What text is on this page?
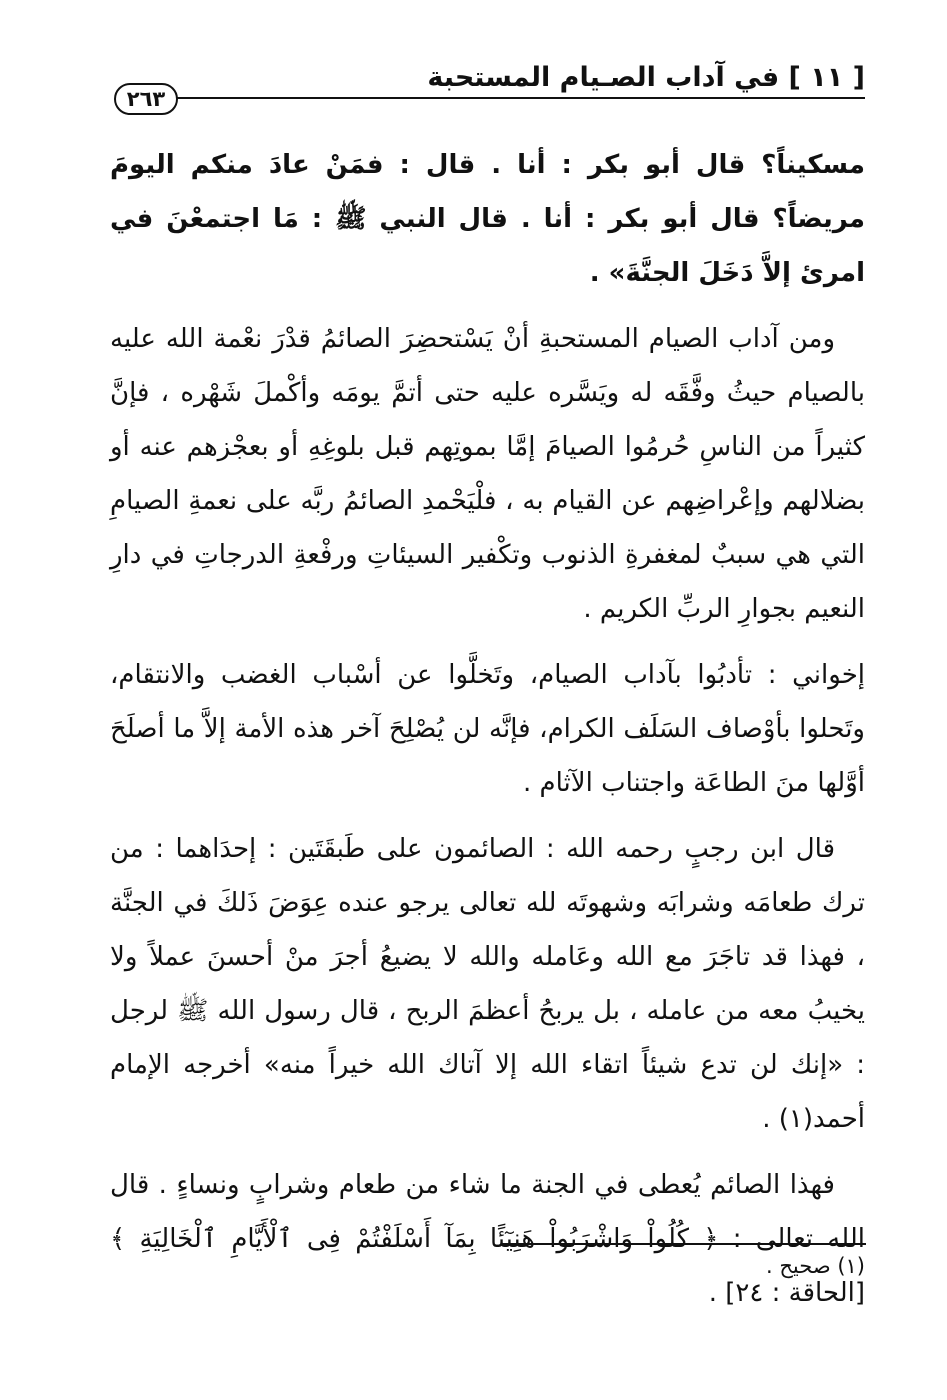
[ ١١ ] في آداب الصـيام المستحبة
٢٦٣

مسكيناً؟ قال أبو بكر : أنا . قال : فمَنْ عادَ منكم اليومَ مريضاً؟ قال أبو بكر : أنا . قال النبي ﷺ : مَا اجتمعْنَ في امرئ إلاَّ دَخَلَ الجنَّةَ» .

ومن آداب الصيام المستحبةِ أنْ يَسْتحضِرَ الصائمُ قدْرَ نعْمة الله عليه بالصيام حيثُ وفَّقَه له ويَسَّره عليه حتى أتمَّ يومَه وأكْملَ شَهْره ، فإنَّ كثيراً من الناسِ حُرمُوا الصيامَ إمَّا بموتِهم قبل بلوغِهِ أو بعجْزهم عنه أو بضلالهم وإعْراضِهم عن القيام به ، فلْيَحْمدِ الصائمُ ربَّه على نعمةِ الصيامِ التي هي سببٌ لمغفرةِ الذنوب وتكْفير السيئاتِ ورفْعةِ الدرجاتِ في دارِ النعيم بجوارِ الربِّ الكريم .

إخواني : تأدبُوا بآداب الصيام، وتَخلَّوا عن أسْباب الغضب والانتقام، وتَحلوا بأوْصاف السَلَف الكرام، فإنَّه لن يُصْلِحَ آخر هذه الأمة إلاَّ ما أصلَحَ أوَّلها منَ الطاعَة واجتناب الآثام .

قال ابن رجبٍ رحمه الله : الصائمون على طَبقَتَين : إحدَاهما : من ترك طعامَه وشرابَه وشهوتَه لله تعالى يرجو عنده عِوَضَ ذَلكَ في الجنَّة ، فهذا قد تاجَرَ مع الله وعَامله والله لا يضيعُ أجرَ منْ أحسنَ عملاً ولا يخيبُ معه من عامله ، بل يربحُ أعظمَ الربح ، قال رسول الله ﷺ لرجل : «إنك لن تدع شيئاً اتقاء الله إلا آتاك الله خيراً منه» أخرجه الإمام أحمد(١) .

فهذا الصائم يُعطى في الجنة ما شاء من طعام وشرابٍ ونساءٍ . قال الله تعالى : ﴿ كُلُواْ وَاشْرَبُواْ هَنِيٓئًا بِمَآ أَسْلَفْتُمْ فِى ٱلْأَيَّامِ ٱلْخَالِيَةِ ﴾ [الحاقة : ٢٤] .

(١) صحيح .
